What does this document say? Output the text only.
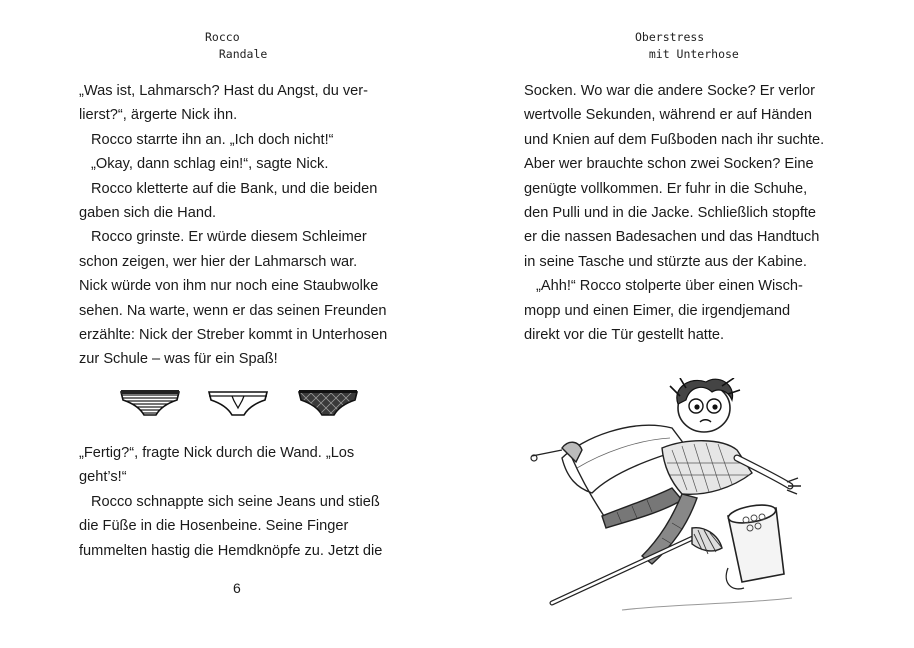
Rocco
Randale

„Was ist, Lahmarsch? Hast du Angst, du ver-
lierst?“, ärgerte Nick ihn.

Rocco starrte ihn an. „Ich doch nicht!“

„Okay, dann schlag ein!“, sagte Nick.

Rocco kletterte auf die Bank, und die beiden
gaben sich die Hand.

Rocco grinste. Er würde diesem Schleimer
schon zeigen, wer hier der Lahmarsch war.
Nick würde von ihm nur noch eine Staubwolke
sehen. Na warte, wenn er das seinen Freunden
erzählte: Nick der Streber kommt in Unterhosen
zur Schule – was für ein Spaß!

„Fertig?“, fragte Nick durch die Wand. „Los
geht’s!“

Rocco schnappte sich seine Jeans und stieß
die Füße in die Hosenbeine. Seine Finger
fummelten hastig die Hemdknöpfe zu. Jetzt die

6
Oberstress
mit Unterhose

Socken. Wo war die andere Socke? Er verlor
wertvolle Sekunden, während er auf Händen
und Knien auf dem Fußboden nach ihr suchte.
Aber wer brauchte schon zwei Socken? Eine
genügte vollkommen. Er fuhr in die Schuhe,
den Pulli und in die Jacke. Schließlich stopfte
er die nassen Badesachen und das Handtuch
in seine Tasche und stürzte aus der Kabine.

„Ahh!“ Rocco stolperte über einen Wisch-
mopp und einen Eimer, die irgendjemand
direkt vor die Tür gestellt hatte.
